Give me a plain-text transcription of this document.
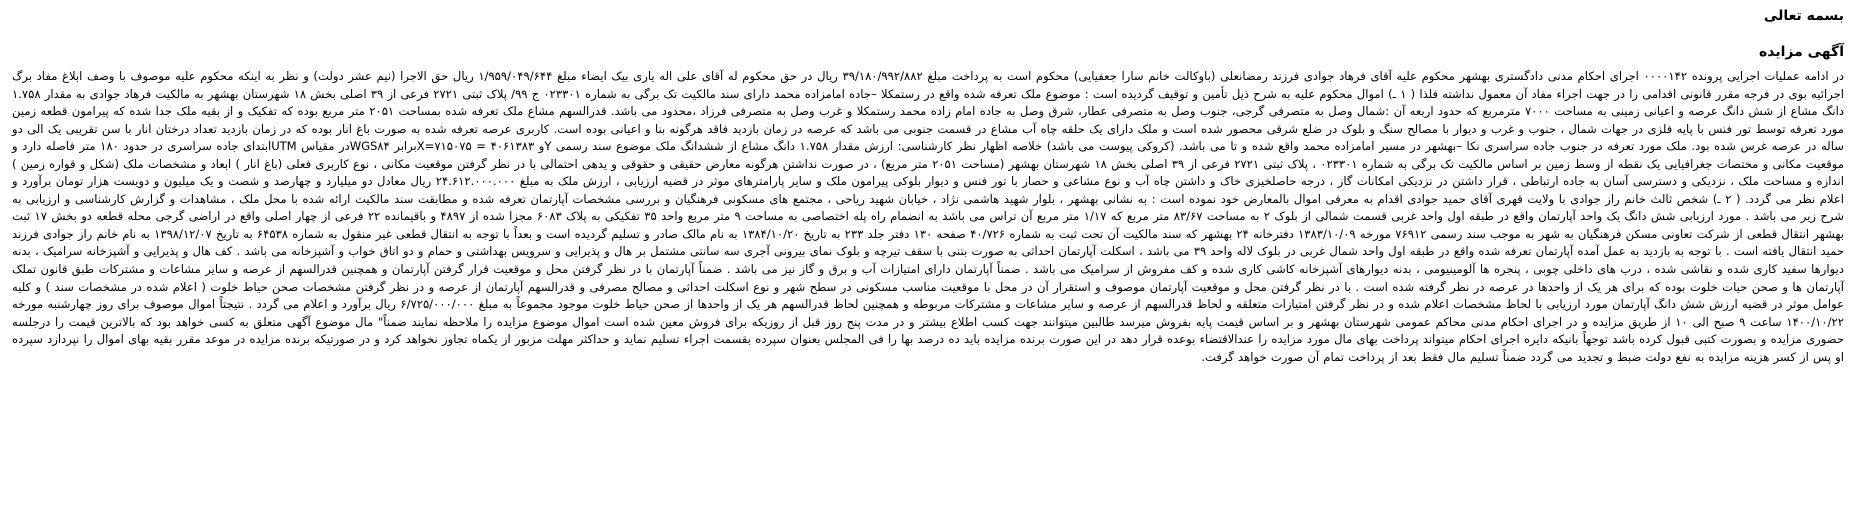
بسمه تعالی

آگهی مزایده

در ادامه عملیات اجرایی پرونده ۰۰۰۰۱۴۲ اجرای احکام مدنی دادگستری بهشهر محکوم علیه آقای فرهاد جوادی فرزند رمضانعلی (باوکالت خانم سارا جعفیایی) محکوم است به پرداخت مبلغ ۳۹/۱۸۰/۹۹۲/۸۸۲ ریال در حق محکوم له آقای علی اله یاری بیک ایضاء مبلغ ۱/۹۵۹/۰۴۹/۶۴۴ ریال حق الاجرا (نیم عشر دولت) و نظر به اینکه محکوم علیه موصوف با وصف ابلاغ مفاد برگ اجرائیه بوی در فرجه مقرر قانونی اقدامی را در جهت اجراء مفاد آن معمول نداشته فلذا ( ۱ ـ) اموال محکوم علیه به شرح ذیل تأمین و توقیف گردیده است : موضوع ملک تعرفه شده واقع در رستمکلا –جاده امامزاده محمد دارای سند مالکیت تک برگی به شماره ۰۲۳۳۰۱ ج ۹۹/ پلاک ثبتی ۲۷۲۱ فرعی از ۳۹ اصلی بخش ۱۸ شهرستان بهشهر به مالکیت فرهاد جوادی به مقدار ۱.۷۵۸ دانگ مشاع از شش دانگ عرصه و اعیانی زمینی به مساحت ۷۰۰۰ مترمربع که حدود اربعه آن :شمال وصل به متصرفی گرجی، جنوب وصل به متصرفی عطار، شرق وصل به جاده امام زاده محمد رستمکلا و غرب وصل به متصرفی فرزاد ،محدود می باشد. قدرالسهم مشاع ملک تعرفه شده بمساحت ۲۰۵۱ متر مربع بوده که تفکیک و از بقیه ملک جدا شده که پیرامون قطعه زمین مورد تعرفه توسط تور فنس با پایه فلزی در جهات شمال ، جنوب و غرب و دیوار با مصالح سنگ و بلوک در ضلع شرقی محصور شده است و ملک دارای یک حلقه چاه آب مشاع در قسمت جنوبی می باشد که عرصه در زمان بازدید فاقد هرگونه بنا و اعیانی بوده است. کاربری عرصه تعرفه شده به صورت باغ انار بوده که در زمان بازدید تعداد درختان انار با سن تقریبی یک الی دو ساله در عرصه غرس شده بود. ملک مورد تعرفه در جنوب جاده سراسری نکا –بهشهر در مسیر امامزاده محمد واقع شده و تا می باشد. (کروکی پیوست می باشد) خلاصه اظهار نظر کارشناسی: ارزش مقدار ۱.۷۵۸ دانگ مشاع از ششدانگ ملک موضوع سند رسمی Yو ۴۰۶۱۳۸۳ = ۷۱۵۰۷۵=Xبرابر WGS۸۴در مقیاس UTMابتدای جاده سراسری در حدود ۱۸۰ متر فاصله دارد و موقعیت مکانی و مختصات جغرافیایی یک نقطه از وسط زمین بر اساس مالکیت تک برگی به شماره ۰۲۳۳۰۱ ، پلاک ثبتی ۲۷۲۱ فرعی از ۳۹ اصلی بخش ۱۸ شهرستان بهشهر (مساحت ۲۰۵۱ متر مربع) ، در صورت نداشتن هرگونه معارض حقیقی و حقوقی و یدهی احتمالی با در نظر گرفتن موقعیت مکانی ، نوع کاربری فعلی (باغ انار ) ابعاد و مشخصات ملک (شکل و قواره زمین ) اندازه و مساحت ملک ، نزدیکی و دسترسی آسان به جاده ارتباطی ، قرار داشتن در نزدیکی امکانات گاز ، درجه حاصلخیزی خاک و داشتن چاه آب و نوع مشاعی و حصار با تور فنس و دیوار بلوکی پیرامون ملک و سایر پارامترهای موثر در قضیه ارزیابی ، ارزش ملک به مبلغ ۲۴.۶۱۲.۰۰۰.۰۰۰ ریال معادل دو میلیارد و چهارصد و شصت و یک میلیون و دویست هزار تومان برآورد و اعلام نظر می گردد. ( ۲ ـ) شخص ثالث خانم راز جوادی با ولایت قهری آقای حمید جوادی اقدام به معرفی اموال بالمعارض خود نموده است : به نشانی بهشهر ، بلوار شهید هاشمی نژاد ، خیابان شهید ریاحی ، مجتمع های مسکونی فرهنگیان و بررسی مشخصات آپارتمان تعرفه شده و مطابقت سند مالکیت ارائه شده با محل ملک ، مشاهدات و گزارش کارشناسی و ارزیابی به شرح زیر می باشد . مورد ارزیابی شش دانگ یک واحد آپارتمان واقع در طبقه اول واحد غربی قسمت شمالی از بلوک ۲ به مساحت ۸۳/۶۷ متر مربع که ۱/۱۷ متر مربع آن تراس می باشد به انضمام راه پله اختصاصی به مساحت ۹ متر مربع واحد ۳۵ تفکیکی به پلاک ۶۰۸۳ مجزا شده از ۴۸۹۷ و باقیمانده ۲۲ فرعی از چهار اصلی واقع در اراضی گرجی محله قطعه دو بخش ۱۷ ثبت بهشهر انتقال قطعی از شرکت تعاونی مسکن فرهنگیان به شهر به موجب سند رسمی ۷۶۹۱۲ مورخه ۱۳۸۳/۱۰/۰۹ دفترخانه ۲۴ بهشهر که سند مالکیت آن تحت ثبت به شماره ۴۰/۷۲۶ صفحه ۱۳۰ دفتر جلد ۲۳۳ به تاریخ ۱۳۸۴/۱۰/۲۰ به نام مالک صادر و تسلیم گردیده است و بعداً با توجه به انتقال قطعی غیر منقول به شماره ۶۴۵۳۸ به تاریخ ۱۳۹۸/۱۲/۰۷ به نام خانم راز جوادی فرزند حمید انتقال یافته است . با توجه به بازدید به عمل آمده آپارتمان تعرفه شده واقع در طبقه اول واحد شمال غربی در بلوک لاله واحد ۳۹ می باشد ، اسکلت آپارتمان احداثی به صورت بتنی با سقف تیرچه و بلوک نمای بیرونی آجری سه سانتی مشتمل بر هال و پذیرایی و سرویس بهداشتی و حمام و دو اتاق خواب و آشپزخانه می باشد . کف هال و پذیرایی و آشپزخانه سرامیک ، بدنه دیوارها سفید کاری شده و نقاشی شده ، درب های داخلی چوبی ، پنجره ها آلومینیومی ، بدنه دیوارهای آشپزخانه کاشی کاری شده و کف مفروش از سرامیک می باشد . ضمناً آپارتمان دارای امتیازات آب و برق و گاز نیز می باشد . ضمناً آپارتمان با در نظر گرفتن محل و موقعیت قرار گرفتن آپارتمان و همچنین قدرالسهم از عرصه و سایر مشاعات و مشترکات طبق قانون تملک آپارتمان ها و صحن حیات خلوت بوده که برای هر یک از واحدها در عرصه در نظر گرفته شده است . با در نظر گرفتن محل و موقعیت آپارتمان موصوف و استقرار آن در محل با موقعیت مناسب مسکونی در سطح شهر و نوع اسکلت احداثی و مصالح مصرفی و قدرالسهم آپارتمان از عرصه و در نظر گرفتن مشخصات صحن حیاط خلوت ( اعلام شده در مشخصات سند ) و کلیه عوامل موثر در قضیه ارزش شش دانگ آپارتمان مورد ارزیابی با لحاظ مشخصات اعلام شده و در نظر گرفتن امتیازات متعلقه و لحاظ قدرالسهم از عرصه و سایر مشاعات و مشترکات مربوطه و همچنین لحاظ قدرالسهم هر یک از واحدها از صحن حیاط خلوت موجود مجموعاً به مبلغ ۶/۷۲۵/۰۰۰/۰۰۰ ریال برآورد و اعلام می گردد . نتیجتاً اموال موصوف برای روز چهارشنبه مورخه ۱۴۰۰/۱۰/۲۲ ساعت ۹ صبح الی ۱۰ از طریق مزایده و در اجرای احکام مدنی محاکم عمومی شهرستان بهشهر و بر اساس قیمت پایه بفروش میرسد طالبین میتوانند جهت کسب اطلاع بیشتر و در مدت پنج روز قبل از روزیکه برای فروش معین شده است اموال موضوع مزایده را ملاحظه نمایند ضمناً" مال موضوع آگهی متعلق به کسی خواهد بود که بالاترین قیمت را درجلسه حضوری مزایده و بصورت کتبی قبول کرده باشد توجهاً بانیکه دایره اجرای احکام میتواند پرداخت بهای مال مورد مزایده را عندالاقتضاء بوعده قرار دهد در این صورت برنده مزایده باید ده درصد بها را فی المجلس بعنوان سپرده بقسمت اجراء تسلیم نماید و حداکثر مهلت مزبور از یکماه تجاوز نخواهد کرد و در صورتیکه برنده مزایده در موعد مقرر بقیه بهای اموال را نپردازد سپرده او پس از کسر هزینه مزایده به نفع دولت ضبط و تجدید می گردد ضمناً تسلیم مال فقط بعد از پرداخت تمام آن صورت خواهد گرفت.
